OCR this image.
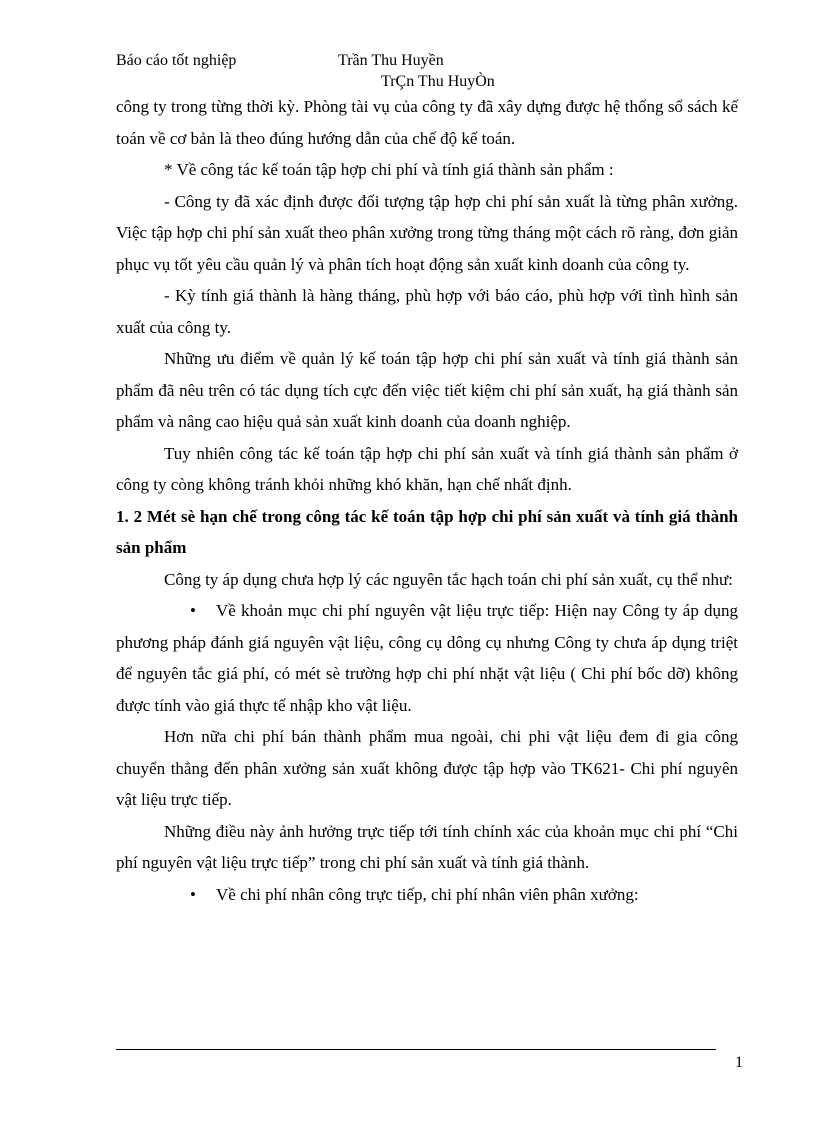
Báo cáo tốt nghiệp	Trần Thu Huyền
TrÇn Thu HuyÒn

công ty trong từng thời kỳ. Phòng tài vụ của công ty đã xây dựng được hệ thống sổ sách kế toán về cơ bản là theo đúng hướng dẫn của chế độ kế toán.

* Về công tác kế toán tập hợp chi phí và tính giá thành sản phẩm :

- Công ty đã xác định được đối tượng tập hợp chi phí sản xuất là từng phân xưởng. Việc tập hợp chi phí sản xuất theo phân xưởng trong từng tháng một cách rõ ràng, đơn giản phục vụ tốt yêu cầu quản lý và phân tích hoạt động sản xuất kinh doanh của công ty.

- Kỳ tính giá thành là hàng tháng, phù hợp với báo cáo, phù hợp với tình hình sản xuất của công ty.

Những ưu điểm về quản lý kế toán tập hợp chi phí sản xuất và tính giá thành sản phẩm đã nêu trên có tác dụng tích cực đến việc tiết kiệm chi phí sản xuất, hạ giá thành sản phẩm và nâng cao hiệu quả sản xuất kinh doanh của doanh nghiệp.

Tuy nhiên công tác kế toán tập hợp chi phí sản xuất và tính giá thành sản phẩm ở công ty còng không tránh khỏi những khó khăn, hạn chế nhất định.

1. 2 Mét sè hạn chế trong công tác kế toán tập hợp chi phí sản xuất và tính giá thành sản phẩm

Công ty áp dụng chưa hợp lý các nguyên tắc hạch toán chi phí sản xuất, cụ thể như:

• Về khoản mục chi phí nguyên vật liệu trực tiếp: Hiện nay Công ty áp dụng phương pháp đánh giá nguyên vật liệu, công cụ dông cụ nhưng Công ty chưa áp dụng triệt để nguyên tắc giá phí, có mét sè trường hợp chi phí nhặt vật liệu ( Chi phí bốc dỡ) không được tính vào giá thực tế nhập kho vật liệu.

Hơn nữa chi phí bán thành phẩm mua ngoài, chi phi vật liệu đem đi gia công chuyển thẳng đến phân xưởng sản xuất không được tập hợp vào TK621- Chi phí nguyên vật liệu trực tiếp.

Những điều này ảnh hưởng trực tiếp tới tính chính xác của khoản mục chi phí “Chi phí nguyên vật liệu trực tiếp” trong chi phí sản xuất và tính giá thành.

• Về chi phí nhân công trực tiếp, chi phí nhân viên phân xưởng:
1
